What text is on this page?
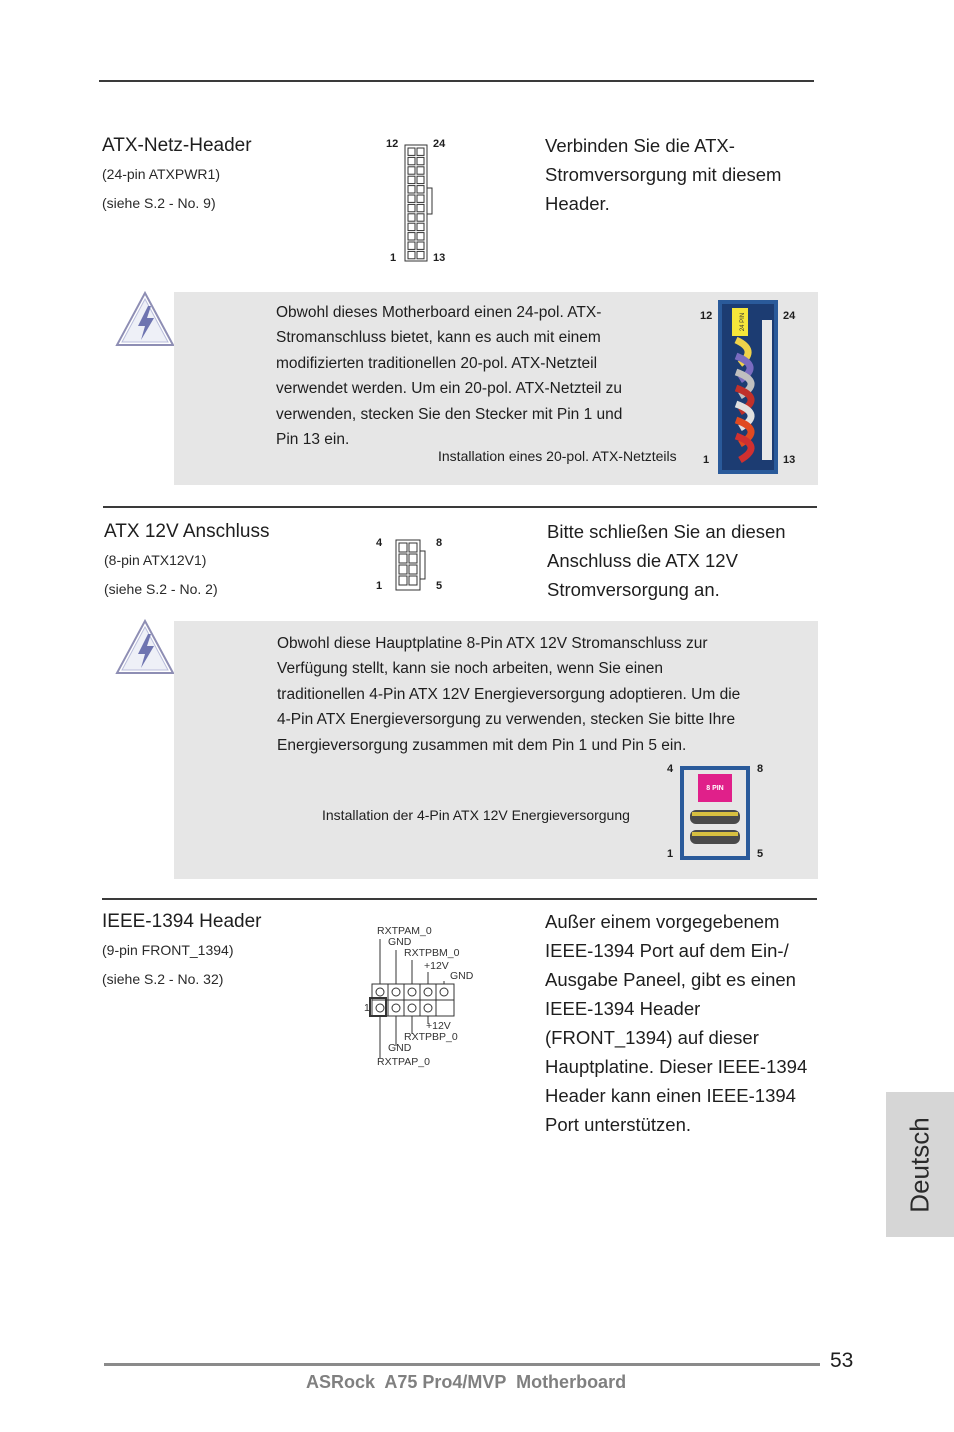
ATX-Netz-Header
(24-pin ATXPWR1)
(siehe S.2 - No. 9)
12	24
1	13
Verbinden Sie die ATX-
Stromversorgung mit diesem
Header.
Obwohl dieses Motherboard einen 24-pol. ATX-
Stromanschluss bietet, kann es auch mit einem
modifizierten traditionellen 20-pol. ATX-Netzteil
verwendet werden. Um ein 20-pol. ATX-Netzteil zu
verwenden, stecken Sie den Stecker mit Pin 1 und
Pin 13 ein.
Installation eines 20-pol. ATX-Netzteils
12	24
1	13
24 PIN
ATX 12V Anschluss
(8-pin ATX12V1)
(siehe S.2 - No. 2)
4	8
1	5
Bitte schließen Sie an diesen
Anschluss die ATX 12V
Stromversorgung an.
Obwohl diese Hauptplatine 8-Pin ATX 12V Stromanschluss zur
Verfügung stellt, kann sie noch arbeiten, wenn Sie einen
traditionellen 4-Pin ATX 12V Energieversorgung adoptieren. Um die
4-Pin ATX Energieversorgung zu verwenden, stecken Sie bitte Ihre
Energieversorgung zusammen mit dem Pin 1 und Pin 5 ein.
Installation der 4-Pin ATX 12V Energieversorgung
4	8
1	5
8 PIN
IEEE-1394 Header
(9-pin FRONT_1394)
(siehe S.2 - No. 32)
RXTPAM_0
GND
RXTPBM_0
+12V
GND
1
+12V
RXTPBP_0
GND
RXTPAP_0
Außer einem vorgegebenem
IEEE-1394 Port auf dem Ein-/
Ausgabe Paneel, gibt es einen
IEEE-1394 Header
(FRONT_1394) auf dieser
Hauptplatine. Dieser IEEE-1394
Header kann einen IEEE-1394
Port unterstützen.	Deutsch
53
ASRock  A75 Pro4/MVP  Motherboard
